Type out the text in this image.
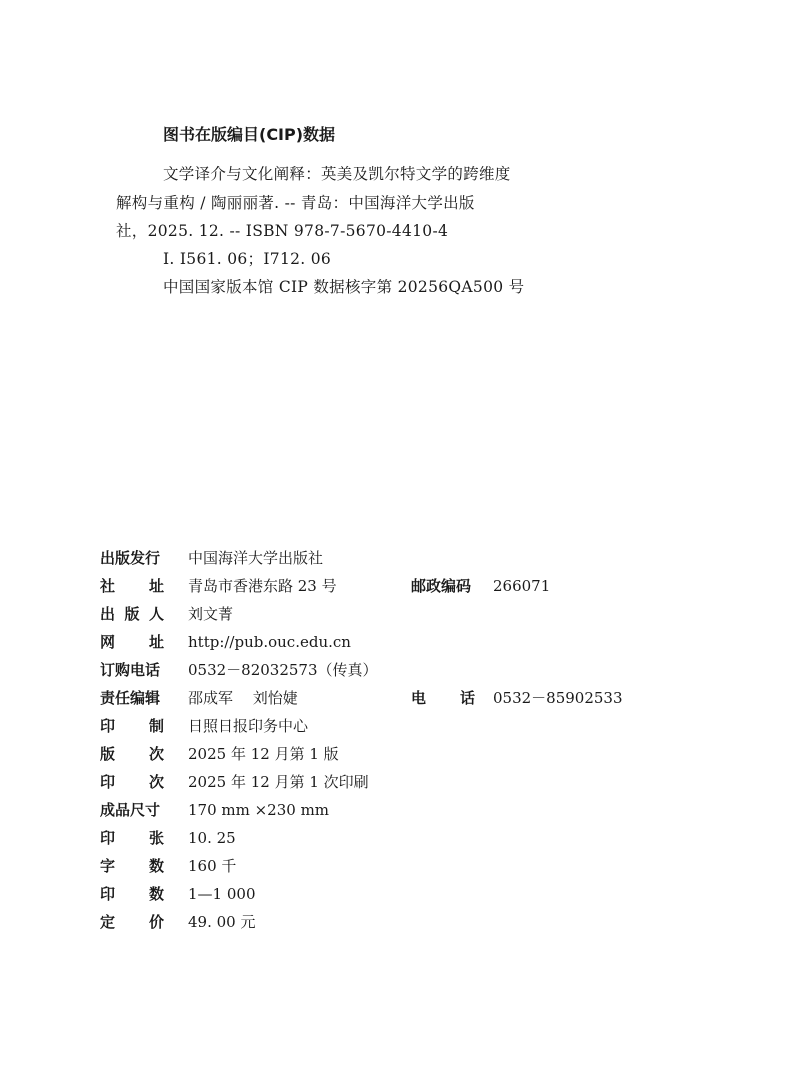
图书在版编目(CIP)数据
文学译介与文化阐释：英美及凯尔特文学的跨维度
解构与重构 / 陶丽丽著. -- 青岛：中国海洋大学出版
社，2025. 12. -- ISBN 978-7-5670-4410-4
Ⅰ. I561. 06；I712. 06
中国国家版本馆 CIP 数据核字第 20256QA500 号
出版发行 中国海洋大学出版社
社 址 青岛市香港东路 23 号	邮政编码 266071
出 版 人 刘文菁
网 址 http://pub.ouc.edu.cn
订购电话 0532－82032573（传真）
责任编辑 邵成军　 刘怡婕	电 话 0532－85902533
印 制 日照日报印务中心
版 次 2025 年 12 月第 1 版
印 次 2025 年 12 月第 1 次印刷
成品尺寸 170 mm ×230 mm
印 张 10. 25
字 数 160 千
印 数 1—1 000
定 价 49. 00 元
